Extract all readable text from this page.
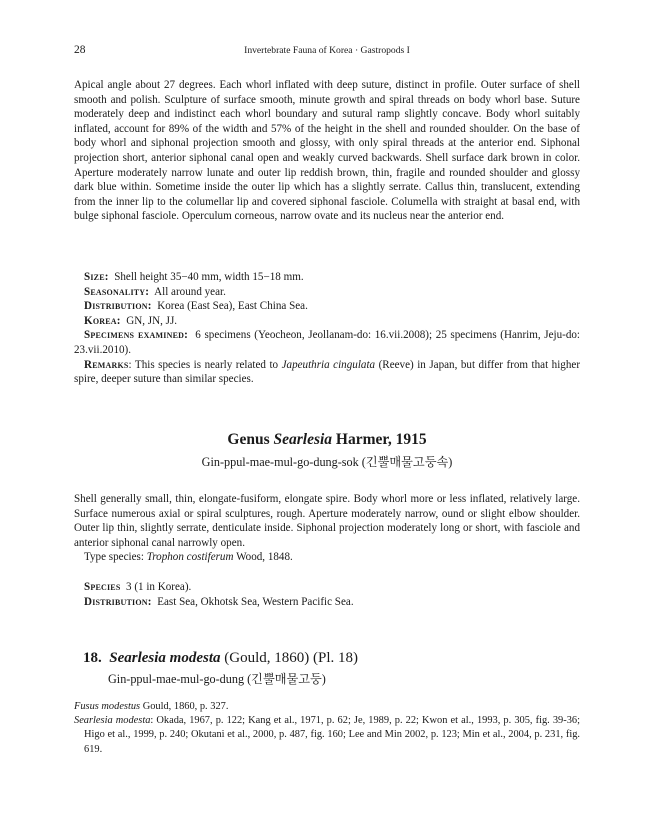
28	Invertebrate Fauna of Korea · Gastropods I

Apical angle about 27 degrees. Each whorl inflated with deep suture, distinct in profile. Outer surface of shell smooth and polish. Sculpture of surface smooth, minute growth and spiral threads on body whorl base. Suture moderately deep and indistinct each whorl boundary and sutural ramp slightly concave. Body whorl suitably inflated, account for 89% of the width and 57% of the height in the shell and rounded shoulder. On the base of body whorl and siphonal projection smooth and glossy, with only spiral threads at the anterior end. Siphonal projection short, anterior siphonal canal open and weakly curved backwards. Shell surface dark brown in color. Aperture moderately narrow lunate and outer lip reddish brown, thin, fragile and rounded shoulder and glossy dark blue within. Sometime inside the outer lip which has a slightly serrate. Callus thin, translucent, extending from the inner lip to the columellar lip and covered siphonal fasciole. Columella with straight at basal end, with bulge siphonal fasciole. Operculum corneous, narrow ovate and its nucleus near the anterior end.

Size: Shell height 35−40 mm, width 15−18 mm.
Seasonality: All around year.
Distribution: Korea (East Sea), East China Sea.
Korea: GN, JN, JJ.
Specimens examined: 6 specimens (Yeocheon, Jeollanam-do: 16.vii.2008); 25 specimens (Hanrim, Jeju-do: 23.vii.2010).
Remarks: This species is nearly related to Japeuthria cingulata (Reeve) in Japan, but differ from that higher spire, deeper suture than similar species.
Genus Searlesia Harmer, 1915
Gin-ppul-mae-mul-go-dung-sok (긴뿔매물고둥속)

Shell generally small, thin, elongate-fusiform, elongate spire. Body whorl more or less inflated, relatively large. Surface numerous axial or spiral sculptures, rough. Aperture moderately narrow, ound or slight elbow shoulder. Outer lip thin, slightly serrate, denticulate inside. Siphonal projection moderately long or short, with fasciole and anterior siphonal canal narrowly open.

Type species: Trophon costiferum Wood, 1848.

Species 3 (1 in Korea).
Distribution: East Sea, Okhotsk Sea, Western Pacific Sea.
18. Searlesia modesta (Gould, 1860) (Pl. 18)
Gin-ppul-mae-mul-go-dung (긴뿔매물고둥)
Fusus modestus Gould, 1860, p. 327.
Searlesia modesta: Okada, 1967, p. 122; Kang et al., 1971, p. 62; Je, 1989, p. 22; Kwon et al., 1993, p. 305, fig. 39-36; Higo et al., 1999, p. 240; Okutani et al., 2000, p. 487, fig. 160; Lee and Min 2002, p. 123; Min et al., 2004, p. 231, fig. 619.
